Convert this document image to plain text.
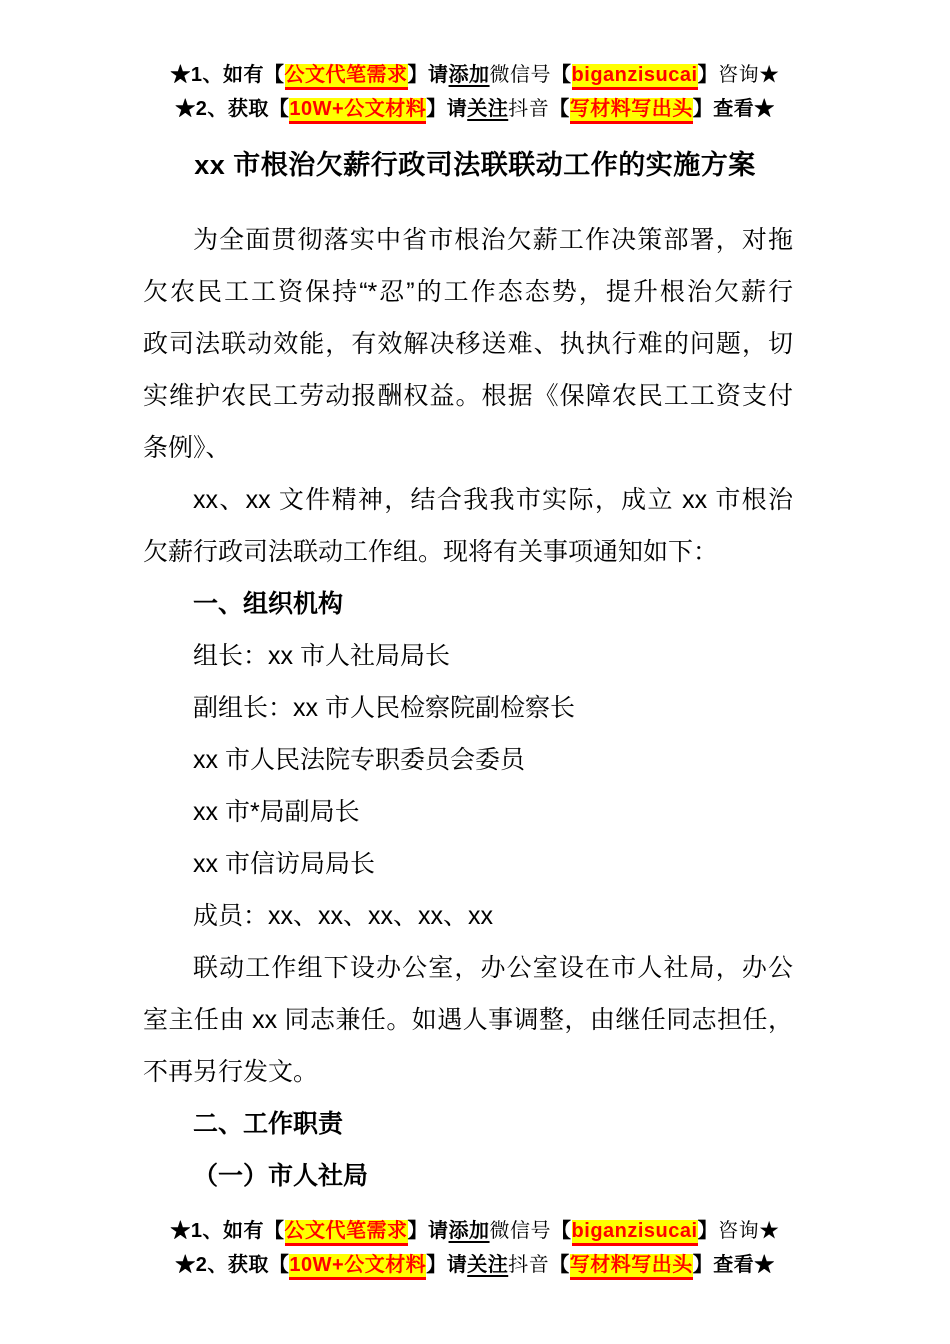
★1、如有【公文代笔需求】请添加微信号【biganzisucai】咨询★
★2、获取【10W+公文材料】请关注抖音【写材料写出头】查看★
xx 市根治欠薪行政司法联联动工作的实施方案
为全面贯彻落实中省市根治欠薪工作决策部署，对拖
欠农民工工资保持“*忍”的工作态态势，提升根治欠薪行
政司法联动效能，有效解决移送难、执执行难的问题，切
实维护农民工劳动报酬权益。根据《保障农民工工资支付
条例》、
xx、xx 文件精神，结合我我市实际，成立 xx 市根治
欠薪行政司法联动工作组。现将有关事项通知如下：
一、组织机构
组长：xx 市人社局局长
副组长：xx 市人民检察院副检察长
xx 市人民法院专职委员会委员
xx 市*局副局长
xx 市信访局局长
成员：xx、xx、xx、xx、xx
联动工作组下设办公室，办公室设在市人社局，办公
室主任由 xx 同志兼任。如遇人事调整，由继任同志担任，
不再另行发文。
二、工作职责
（一）市人社局
★1、如有【公文代笔需求】请添加微信号【biganzisucai】咨询★
★2、获取【10W+公文材料】请关注抖音【写材料写出头】查看★
